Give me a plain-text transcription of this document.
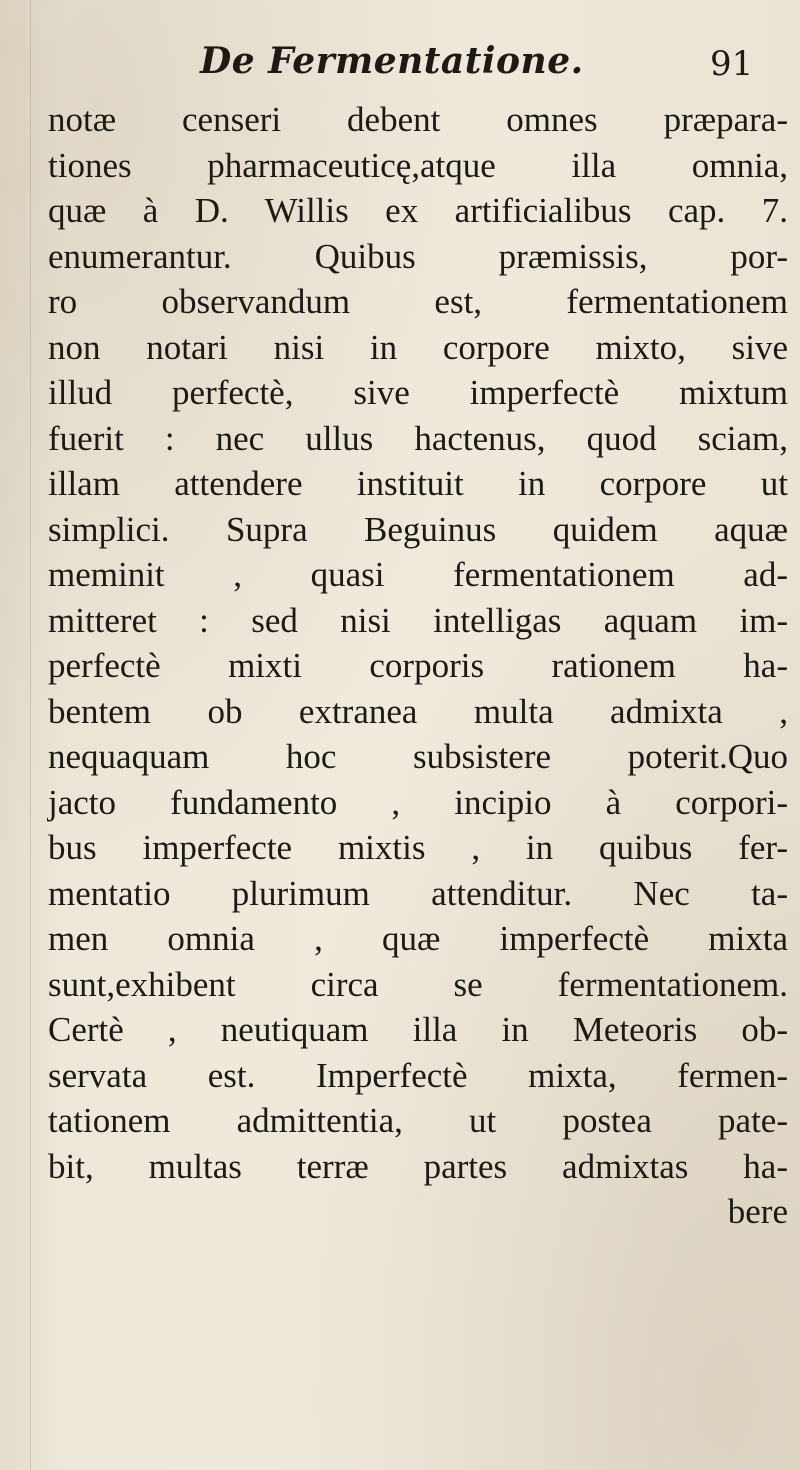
De Fermentatione.	91
notæ censeri debent omnes præpara-
tiones pharmaceuticę,atque illa omnia,
quæ à D. Willis ex artificialibus cap. 7.
enumerantur. Quibus præmissis, por-
ro observandum est, fermentationem
non notari nisi in corpore mixto, sive
illud perfectè, sive imperfectè mixtum
fuerit : nec ullus hactenus, quod sciam,
illam attendere instituit in corpore ut
simplici. Supra Beguinus quidem aquæ
meminit , quasi fermentationem ad-
mitteret : sed nisi intelligas aquam im-
perfectè mixti corporis rationem ha-
bentem ob extranea multa admixta ,
nequaquam hoc subsistere poterit.Quo
jacto fundamento , incipio à corpori-
bus imperfecte mixtis , in quibus fer-
mentatio plurimum attenditur. Nec ta-
men omnia , quæ imperfectè mixta
sunt,exhibent circa se fermentationem.
Certè , neutiquam illa in Meteoris ob-
servata est. Imperfectè mixta, fermen-
tationem admittentia, ut postea pate-
bit, multas terræ partes admixtas ha-
bere
